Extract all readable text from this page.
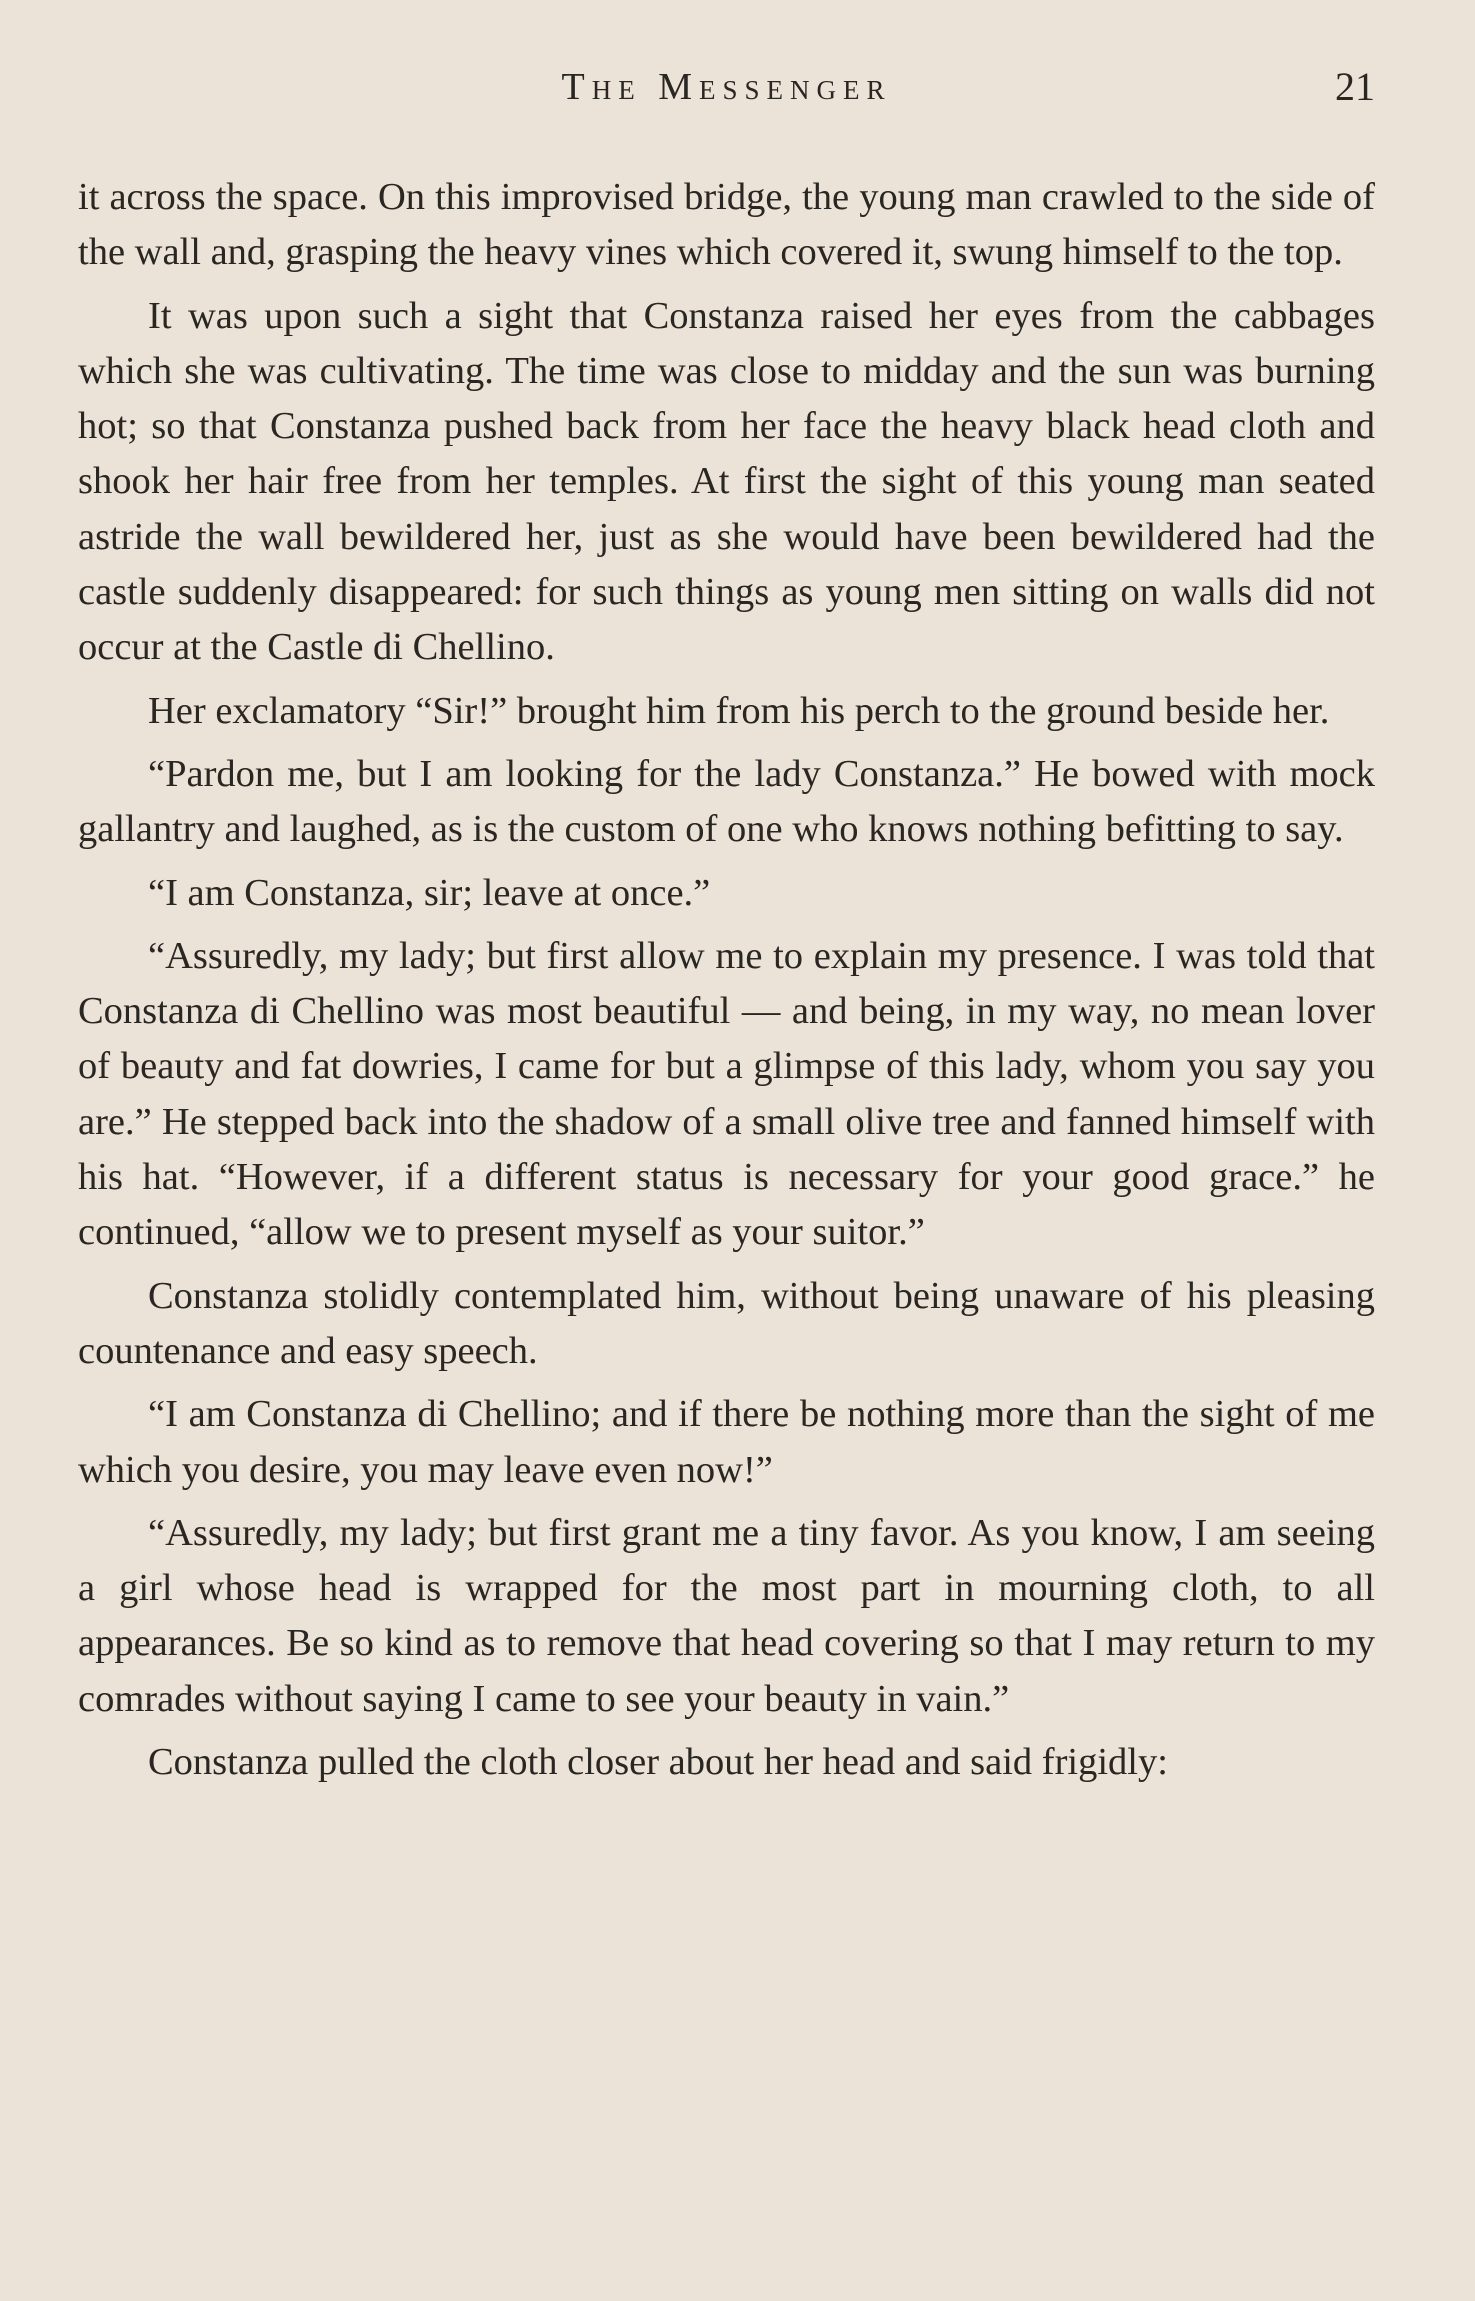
The Messenger	21

it across the space. On this improvised bridge, the young man crawled to the side of the wall and, grasping the heavy vines which covered it, swung himself to the top.

It was upon such a sight that Constanza raised her eyes from the cabbages which she was cultivating. The time was close to midday and the sun was burning hot; so that Constanza pushed back from her face the heavy black head cloth and shook her hair free from her temples. At first the sight of this young man seated astride the wall bewildered her, just as she would have been bewildered had the castle suddenly disappeared: for such things as young men sitting on walls did not occur at the Castle di Chellino.

Her exclamatory “Sir!” brought him from his perch to the ground beside her.

“Pardon me, but I am looking for the lady Constanza.” He bowed with mock gallantry and laughed, as is the custom of one who knows nothing befitting to say.

“I am Constanza, sir; leave at once.”

“Assuredly, my lady; but first allow me to explain my presence. I was told that Constanza di Chellino was most beautiful — and being, in my way, no mean lover of beauty and fat dowries, I came for but a glimpse of this lady, whom you say you are.” He stepped back into the shadow of a small olive tree and fanned himself with his hat. “However, if a different status is necessary for your good grace.” he continued, “allow we to present myself as your suitor.”

Constanza stolidly contemplated him, without being unaware of his pleasing countenance and easy speech.

“I am Constanza di Chellino; and if there be nothing more than the sight of me which you desire, you may leave even now!”

“Assuredly, my lady; but first grant me a tiny favor. As you know, I am seeing a girl whose head is wrapped for the most part in mourning cloth, to all appearances. Be so kind as to remove that head covering so that I may return to my comrades without saying I came to see your beauty in vain.”

Constanza pulled the cloth closer about her head and said frigidly:
